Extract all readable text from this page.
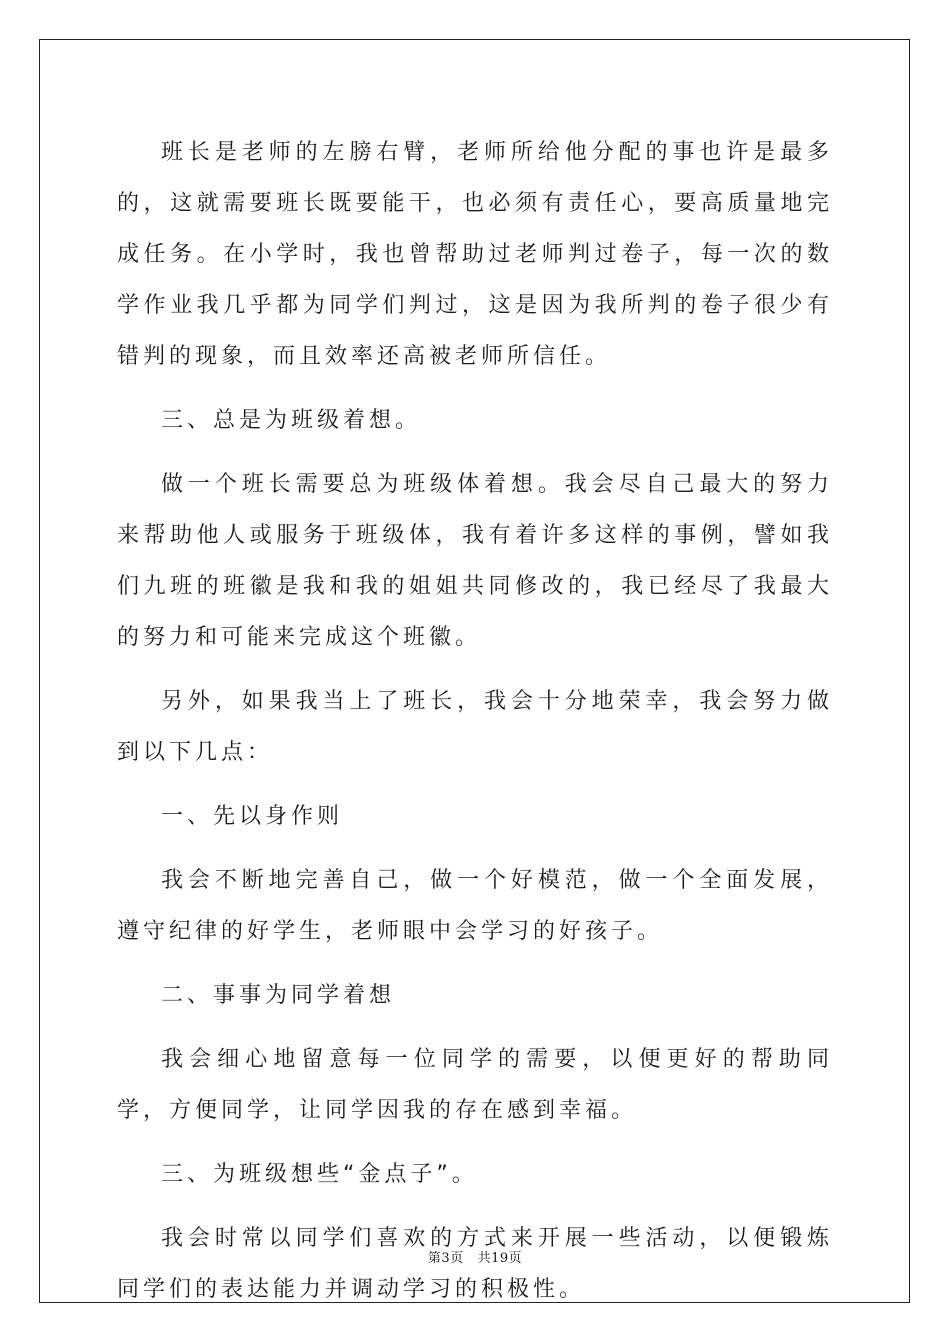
班长是老师的左膀右臂，老师所给他分配的事也许是最多的，这就需要班长既要能干，也必须有责任心，要高质量地完成任务。在小学时，我也曾帮助过老师判过卷子，每一次的数学作业我几乎都为同学们判过，这是因为我所判的卷子很少有错判的现象，而且效率还高被老师所信任。

三、总是为班级着想。

做一个班长需要总为班级体着想。我会尽自己最大的努力来帮助他人或服务于班级体，我有着许多这样的事例，譬如我们九班的班徽是我和我的姐姐共同修改的，我已经尽了我最大的努力和可能来完成这个班徽。

另外，如果我当上了班长，我会十分地荣幸，我会努力做到以下几点：

一、先以身作则

我会不断地完善自己，做一个好模范，做一个全面发展，遵守纪律的好学生，老师眼中会学习的好孩子。

二、事事为同学着想

我会细心地留意每一位同学的需要，以便更好的帮助同学，方便同学，让同学因我的存在感到幸福。

三、为班级想些“金点子”。

我会时常以同学们喜欢的方式来开展一些活动，以便锻炼同学们的表达能力并调动学习的积极性。

第3页 共19页
